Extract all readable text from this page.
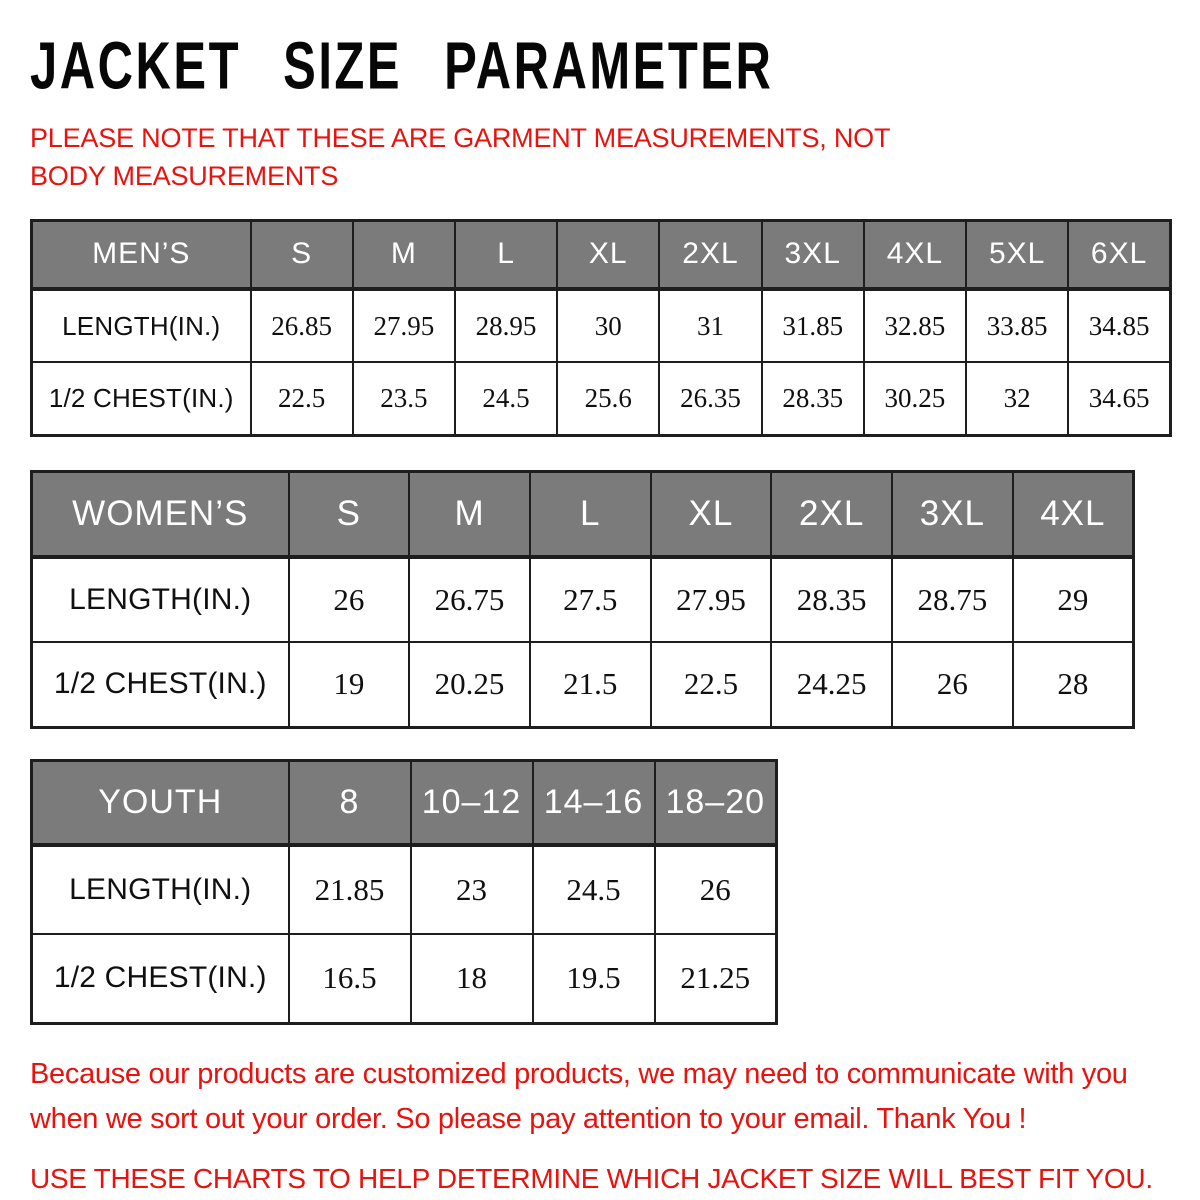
JACKET SIZE PARAMETER
PLEASE NOTE THAT THESE ARE GARMENT MEASUREMENTS, NOT BODY MEASUREMENTS
MEN’S	S	M	L	XL	2XL	3XL	4XL	5XL	6XL
LENGTH(IN.)	26.85	27.95	28.95	30	31	31.85	32.85	33.85	34.85
1/2 CHEST(IN.)	22.5	23.5	24.5	25.6	26.35	28.35	30.25	32	34.65
WOMEN’S	S	M	L	XL	2XL	3XL	4XL
LENGTH(IN.)	26	26.75	27.5	27.95	28.35	28.75	29
1/2 CHEST(IN.)	19	20.25	21.5	22.5	24.25	26	28
YOUTH	8	10–12	14–16	18–20
LENGTH(IN.)	21.85	23	24.5	26
1/2 CHEST(IN.)	16.5	18	19.5	21.25

Because our products are customized products, we may need to communicate with you when we sort out your order. So please pay attention to your email. Thank You !

USE THESE CHARTS TO HELP DETERMINE WHICH JACKET SIZE WILL BEST FIT YOU.
